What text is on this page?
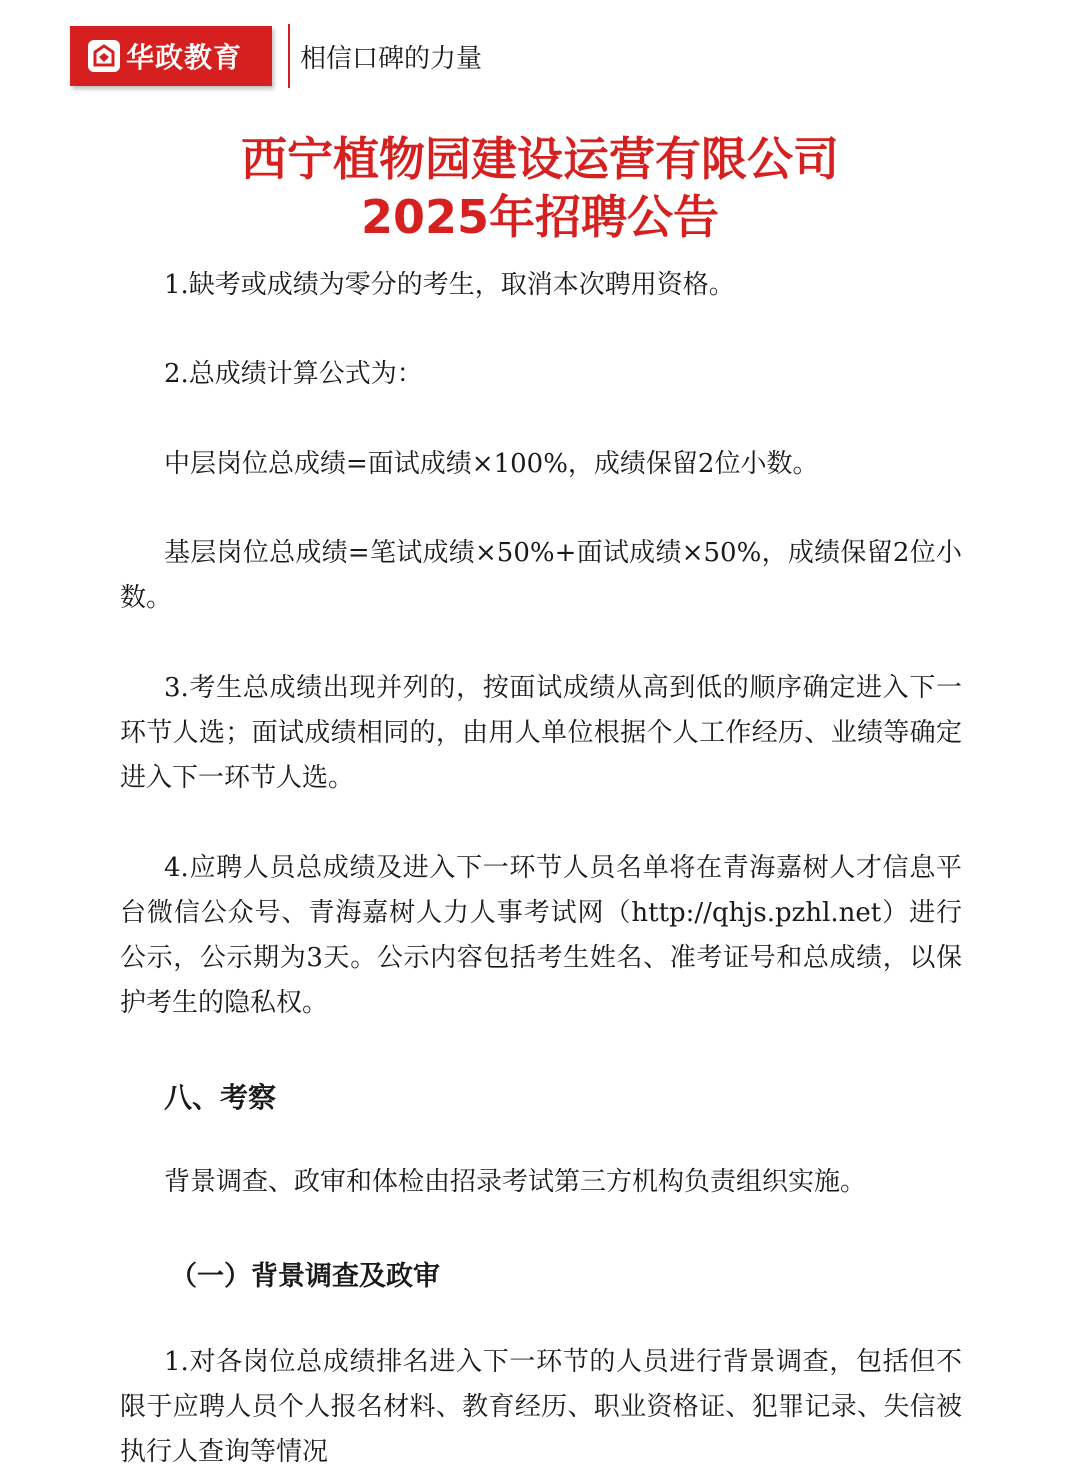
华政教育 相信口碑的力量
西宁植物园建设运营有限公司
2025年招聘公告

1.缺考或成绩为零分的考生，取消本次聘用资格。

2.总成绩计算公式为：

中层岗位总成绩=面试成绩×100%，成绩保留2位小数。

基层岗位总成绩=笔试成绩×50%+面试成绩×50%，成绩保留2位小数。

3.考生总成绩出现并列的，按面试成绩从高到低的顺序确定进入下一环节人选；面试成绩相同的，由用人单位根据个人工作经历、业绩等确定进入下一环节人选。

4.应聘人员总成绩及进入下一环节人员名单将在青海嘉树人才信息平台微信公众号、青海嘉树人力人事考试网（http://qhjs.pzhl.net）进行公示，公示期为3天。公示内容包括考生姓名、准考证号和总成绩，以保护考生的隐私权。

八、考察

背景调查、政审和体检由招录考试第三方机构负责组织实施。

（一）背景调查及政审

1.对各岗位总成绩排名进入下一环节的人员进行背景调查，包括但不限于应聘人员个人报名材料、教育经历、职业资格证、犯罪记录、失信被执行人查询等情况
